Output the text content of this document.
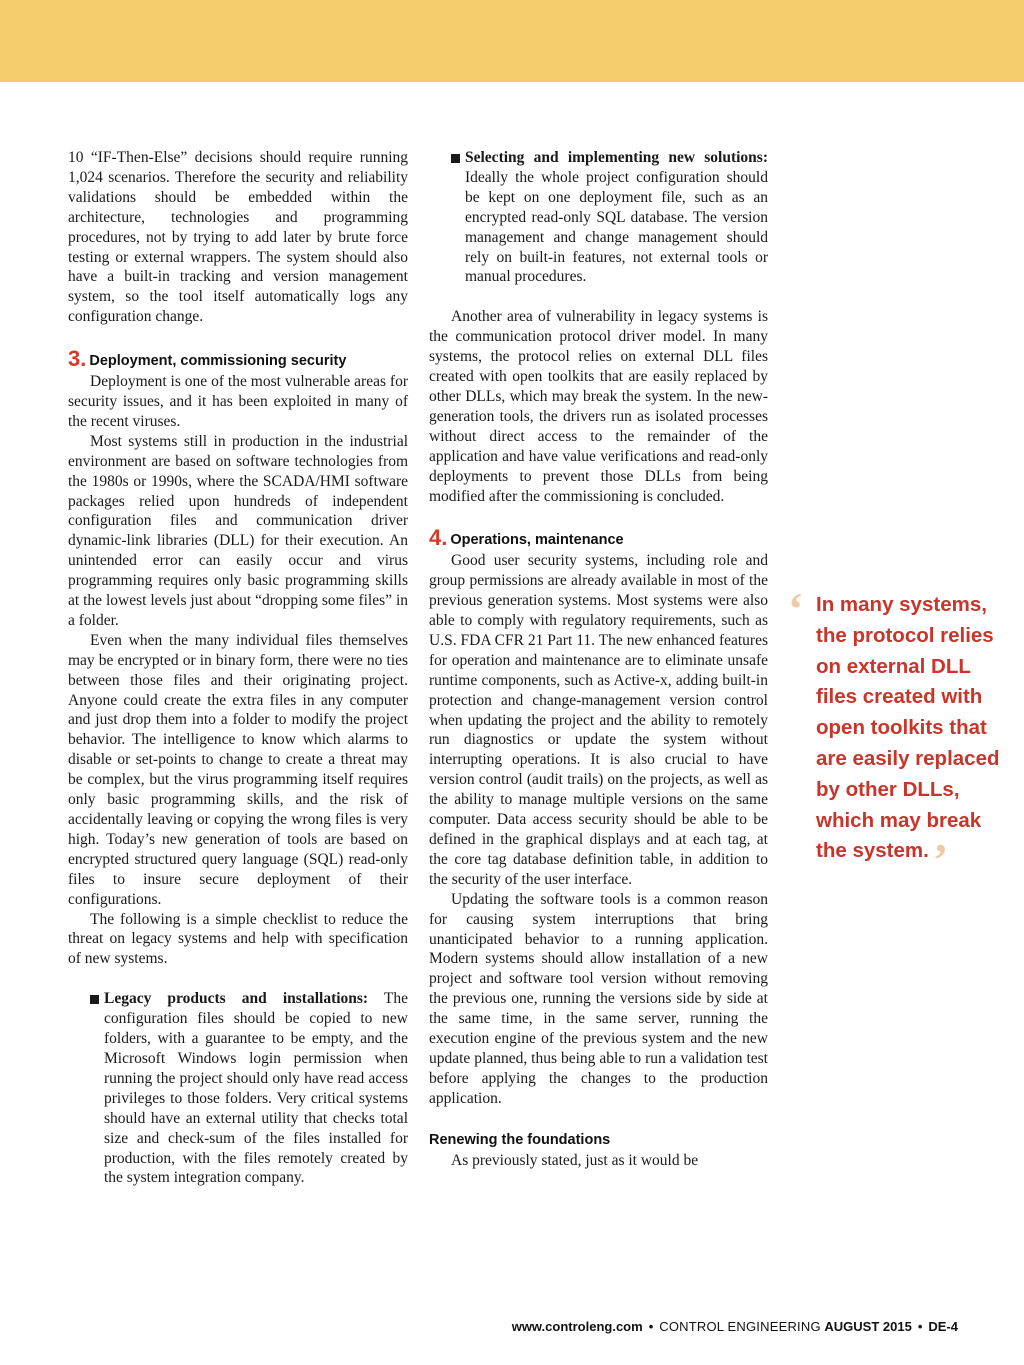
10 “IF-Then-Else” decisions should require running 1,024 scenarios. Therefore the security and reliability validations should be embedded within the architecture, technologies and programming procedures, not by trying to add later by brute force testing or external wrappers. The system should also have a built-in tracking and version management system, so the tool itself automatically logs any configuration change.

3. Deployment, commissioning security

Deployment is one of the most vulnerable areas for security issues, and it has been exploited in many of the recent viruses.

Most systems still in production in the industrial environment are based on software technologies from the 1980s or 1990s, where the SCADA/HMI software packages relied upon hundreds of independent configuration files and communication driver dynamic-link libraries (DLL) for their execution. An unintended error can easily occur and virus programming requires only basic programming skills at the lowest levels just about “dropping some files” in a folder.

Even when the many individual files themselves may be encrypted or in binary form, there were no ties between those files and their originating project. Anyone could create the extra files in any computer and just drop them into a folder to modify the project behavior. The intelligence to know which alarms to disable or set-points to change to create a threat may be complex, but the virus programming itself requires only basic programming skills, and the risk of accidentally leaving or copying the wrong files is very high. Today’s new generation of tools are based on encrypted structured query language (SQL) read-only files to insure secure deployment of their configurations.

The following is a simple checklist to reduce the threat on legacy systems and help with specification of new systems.

Legacy products and installations: The configuration files should be copied to new folders, with a guarantee to be empty, and the Microsoft Windows login permission when running the project should only have read access privileges to those folders. Very critical systems should have an external utility that checks total size and check-sum of the files installed for production, with the files remotely created by the system integration company.

Selecting and implementing new solutions: Ideally the whole project configuration should be kept on one deployment file, such as an encrypted read-only SQL database. The version management and change management should rely on built-in features, not external tools or manual procedures.

Another area of vulnerability in legacy systems is the communication protocol driver model. In many systems, the protocol relies on external DLL files created with open toolkits that are easily replaced by other DLLs, which may break the system. In the new-generation tools, the drivers run as isolated processes without direct access to the remainder of the application and have value verifications and read-only deployments to prevent those DLLs from being modified after the commissioning is concluded.

4. Operations, maintenance

Good user security systems, including role and group permissions are already available in most of the previous generation systems. Most systems were also able to comply with regulatory requirements, such as U.S. FDA CFR 21 Part 11. The new enhanced features for operation and maintenance are to eliminate unsafe runtime components, such as Active-x, adding built-in protection and change-management version control when updating the project and the ability to remotely run diagnostics or update the system without interrupting operations. It is also crucial to have version control (audit trails) on the projects, as well as the ability to manage multiple versions on the same computer. Data access security should be able to be defined in the graphical displays and at each tag, at the core tag database definition table, in addition to the security of the user interface.

Updating the software tools is a common reason for causing system interruptions that bring unanticipated behavior to a running application. Modern systems should allow installation of a new project and software tool version without removing the previous one, running the versions side by side at the same time, in the same server, running the execution engine of the previous system and the new update planned, thus being able to run a validation test before applying the changes to the production application.

Renewing the foundations

As previously stated, just as it would be

‘ In many systems, the protocol relies on external DLL files created with open toolkits that are easily replaced by other DLLs, which may break the system.’
www.controleng.com • CONTROL ENGINEERING AUGUST 2015 • DE-4
